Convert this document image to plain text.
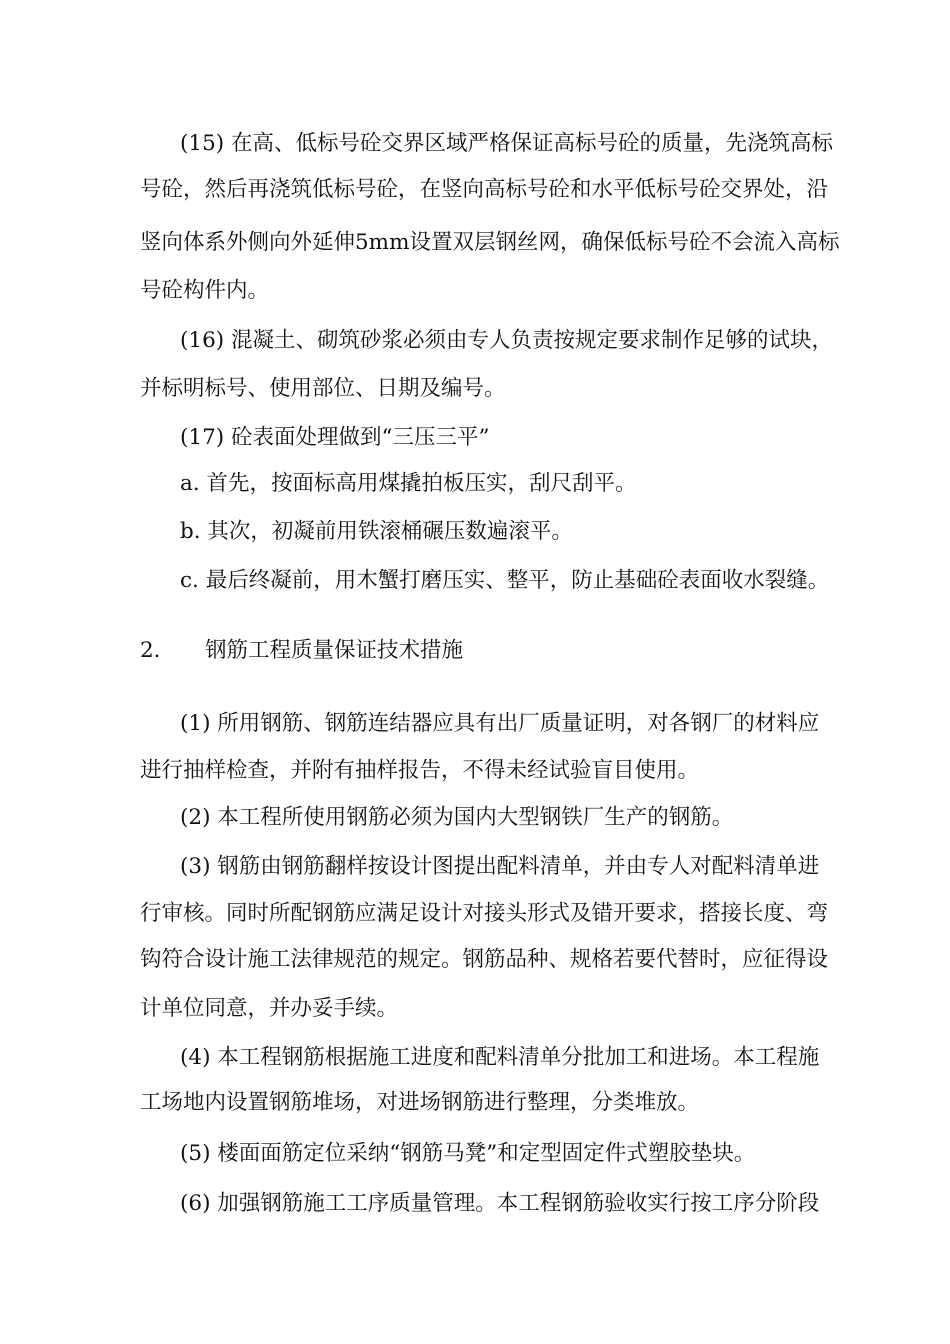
(15) 在高、低标号砼交界区域严格保证高标号砼的质量，先浇筑高标
号砼，然后再浇筑低标号砼，在竖向高标号砼和水平低标号砼交界处，沿
竖向体系外侧向外延伸5mm设置双层钢丝网，确保低标号砼不会流入高标
号砼构件内。
(16) 混凝土、砌筑砂浆必须由专人负责按规定要求制作足够的试块，
并标明标号、使用部位、日期及编号。
(17) 砼表面处理做到“三压三平”
a. 首先，按面标高用煤撬拍板压实，刮尺刮平。
b. 其次，初凝前用铁滚桶碾压数遍滚平。
c. 最后终凝前，用木蟹打磨压实、整平，防止基础砼表面收水裂缝。
2. 钢筋工程质量保证技术措施
(1) 所用钢筋、钢筋连结器应具有出厂质量证明，对各钢厂的材料应
进行抽样检查，并附有抽样报告，不得未经试验盲目使用。
(2) 本工程所使用钢筋必须为国内大型钢铁厂生产的钢筋。
(3) 钢筋由钢筋翻样按设计图提出配料清单，并由专人对配料清单进
行审核。同时所配钢筋应满足设计对接头形式及错开要求，搭接长度、弯
钩符合设计施工法律规范的规定。钢筋品种、规格若要代替时，应征得设
计单位同意，并办妥手续。
(4) 本工程钢筋根据施工进度和配料清单分批加工和进场。本工程施
工场地内设置钢筋堆场，对进场钢筋进行整理，分类堆放。
(5) 楼面面筋定位采纳“钢筋马凳”和定型固定件式塑胶垫块。
(6) 加强钢筋施工工序质量管理。本工程钢筋验收实行按工序分阶段
